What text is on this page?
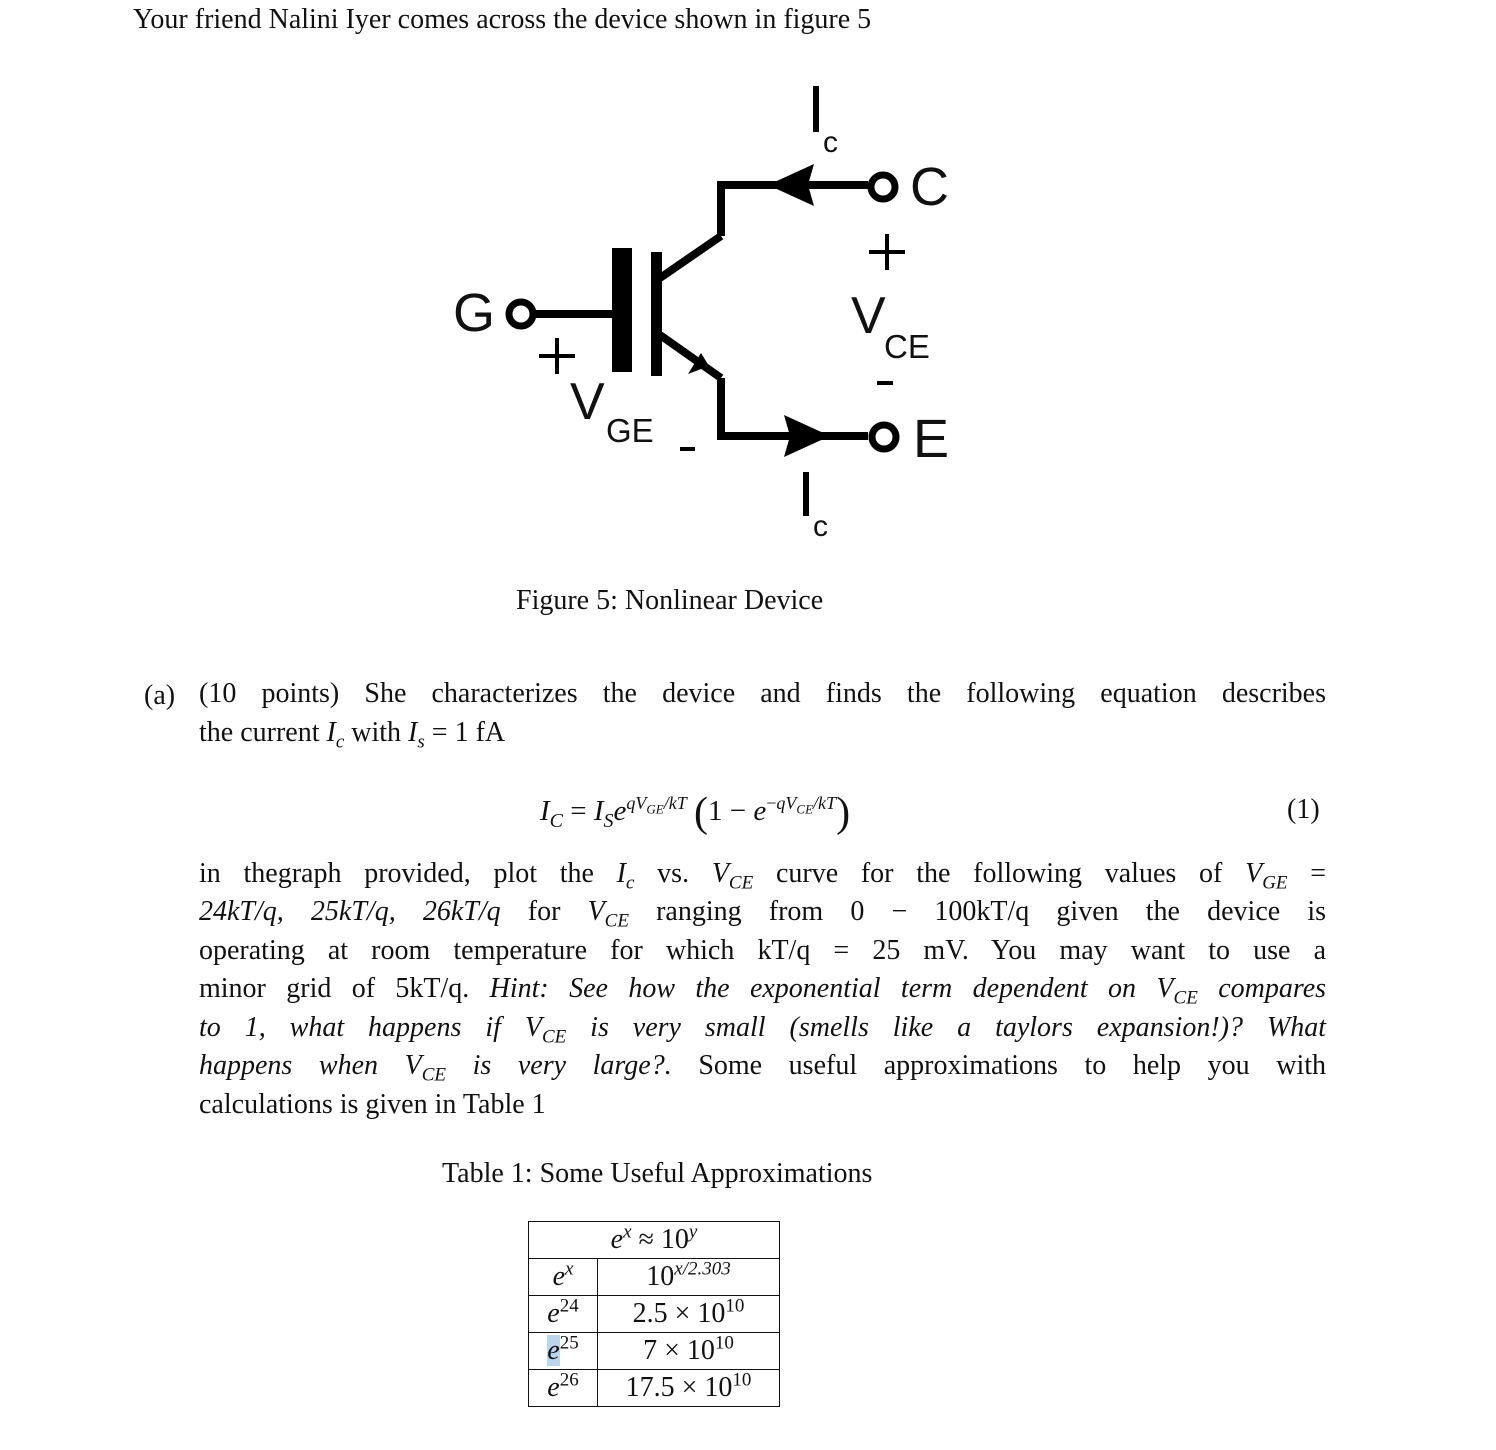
Your friend Nalini Iyer comes across the device shown in figure 5
G
C
E
c
c
V
CE
V GE
Figure 5: Nonlinear Device
(a) (10 points) She characterizes the device and finds the following equation describes
the current $I_c$ with $I_s = 1$ fA
$I_C = I_Se^{qV_{GE}/kT}$ $(1 - e^{-qV_{CE}/kT})$	(1)
in thegraph provided, plot the $I_c$ vs. $V_{CE}$ curve for the following values of $V_{GE}$ =
24kT/q, 25kT/q, 26kT/q for $V_{CE}$ ranging from 0 − 100kT/q given the device is
operating at room temperature for which kT/q = 25 mV. You may want to use a
minor grid of 5kT/q. Hint: See how the exponential term dependent on $V_{CE}$ compares
to 1, what happens if $V_{CE}$ is very small (smells like a taylors expansion!)? What
happens when $V_{CE}$ is very large?. Some useful approximations to help you with
calculations is given in Table 1
Table 1: Some Useful Approximations
$e^x \approx 10^y$
$e^x$	$10^{x/2.303}$
$e^{24}$	$2.5 \times 10^{10}$
$e^{25}$	$7 \times 10^{10}$
$e^{26}$	$17.5 \times 10^{10}$
